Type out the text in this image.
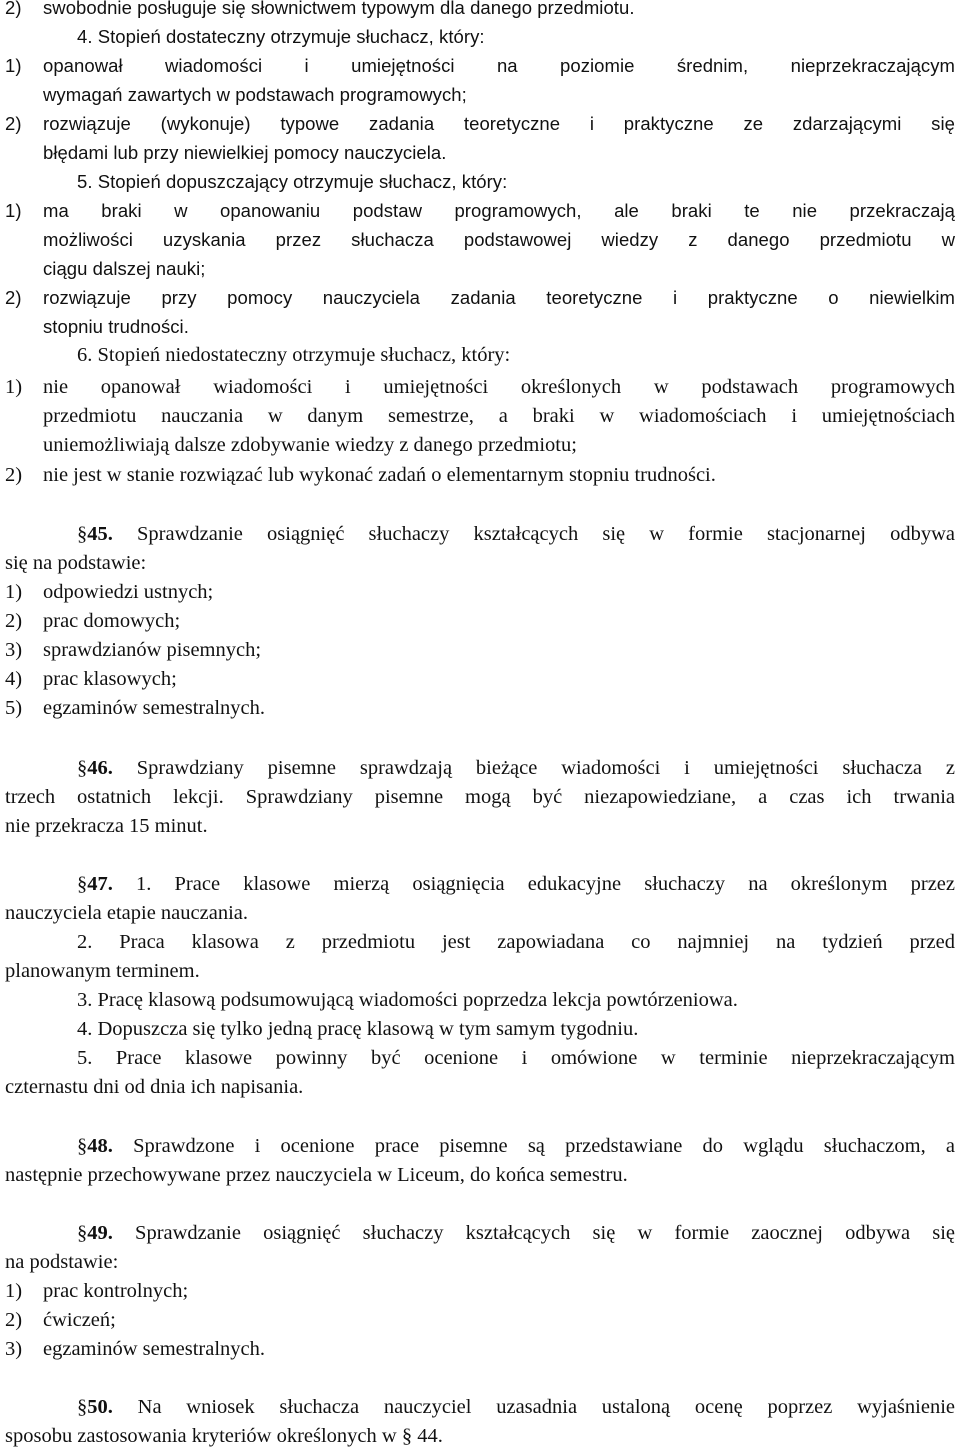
2) swobodnie posługuje się słownictwem typowym dla danego przedmiotu.
4. Stopień dostateczny otrzymuje słuchacz, który:
1) opanował wiadomości i umiejętności na poziomie średnim, nieprzekraczającym
wymagań zawartych w podstawach programowych;
2) rozwiązuje (wykonuje) typowe zadania teoretyczne i praktyczne ze zdarzającymi się
błędami lub przy niewielkiej pomocy nauczyciela.
5. Stopień dopuszczający otrzymuje słuchacz, który:
1) ma braki w opanowaniu podstaw programowych, ale braki te nie przekraczają
możliwości uzyskania przez słuchacza podstawowej wiedzy z danego przedmiotu w
ciągu dalszej nauki;
2) rozwiązuje przy pomocy nauczyciela zadania teoretyczne i praktyczne o niewielkim
stopniu trudności.
6. Stopień niedostateczny otrzymuje słuchacz, który:
1) nie opanował wiadomości i umiejętności określonych w podstawach programowych
przedmiotu nauczania w danym semestrze, a braki w wiadomościach i umiejętnościach
uniemożliwiają dalsze zdobywanie wiedzy z danego przedmiotu;
2) nie jest w stanie rozwiązać lub wykonać zadań o elementarnym stopniu trudności.
§45. Sprawdzanie osiągnięć słuchaczy kształcących się w formie stacjonarnej odbywa
się na podstawie:
1) odpowiedzi ustnych;
2) prac domowych;
3) sprawdzianów pisemnych;
4) prac klasowych;
5) egzaminów semestralnych.
§46. Sprawdziany pisemne sprawdzają bieżące wiadomości i umiejętności słuchacza z
trzech ostatnich lekcji. Sprawdziany pisemne mogą być niezapowiedziane, a czas ich trwania
nie przekracza 15 minut.
§47. 1. Prace klasowe mierzą osiągnięcia edukacyjne słuchaczy na określonym przez
nauczyciela etapie nauczania.
2. Praca klasowa z przedmiotu jest zapowiadana co najmniej na tydzień przed
planowanym terminem.
3. Pracę klasową podsumowującą wiadomości poprzedza lekcja powtórzeniowa.
4. Dopuszcza się tylko jedną pracę klasową w tym samym tygodniu.
5. Prace klasowe powinny być ocenione i omówione w terminie nieprzekraczającym
czternastu dni od dnia ich napisania.
§48. Sprawdzone i ocenione prace pisemne są przedstawiane do wglądu słuchaczom, a
następnie przechowywane przez nauczyciela w Liceum, do końca semestru.
§49. Sprawdzanie osiągnięć słuchaczy kształcących się w formie zaocznej odbywa się
na podstawie:
1) prac kontrolnych;
2) ćwiczeń;
3) egzaminów semestralnych.
§50. Na wniosek słuchacza nauczyciel uzasadnia ustaloną ocenę poprzez wyjaśnienie
sposobu zastosowania kryteriów określonych w § 44.
